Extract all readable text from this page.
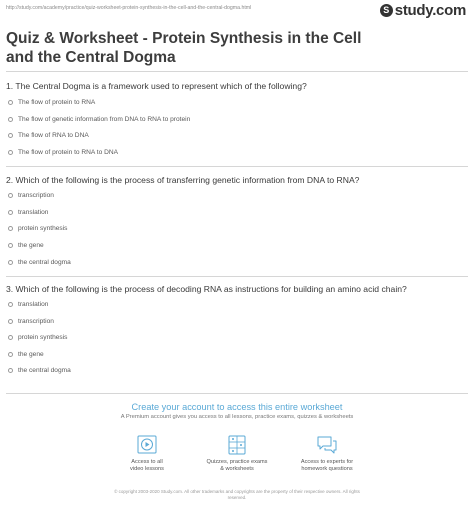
http://study.com/academy/practice/quiz-worksheet-protein-synthesis-in-the-cell-and-the-central-dogma.html	S study.com
Quiz & Worksheet - Protein Synthesis in the Cell and the Central Dogma

1. The Central Dogma is a framework used to represent which of the following?

The flow of protein to RNA
The flow of genetic information from DNA to RNA to protein
The flow of RNA to DNA
The flow of protein to RNA to DNA

2. Which of the following is the process of transferring genetic information from DNA to RNA?

transcription
translation
protein synthesis
the gene
the central dogma

3. Which of the following is the process of decoding RNA as instructions for building an amino acid chain?

translation
transcription
protein synthesis
the gene
the central dogma
Create your account to access this entire worksheet
A Premium account gives you access to all lessons, practice exams, quizzes & worksheets
Access to all
video lessons
Quizzes, practice exams
& worksheets
Access to experts for
homework questions
© copyright 2003-2020 Study.com. All other trademarks and copyrights are the property of their respective owners. All rights
reserved.
